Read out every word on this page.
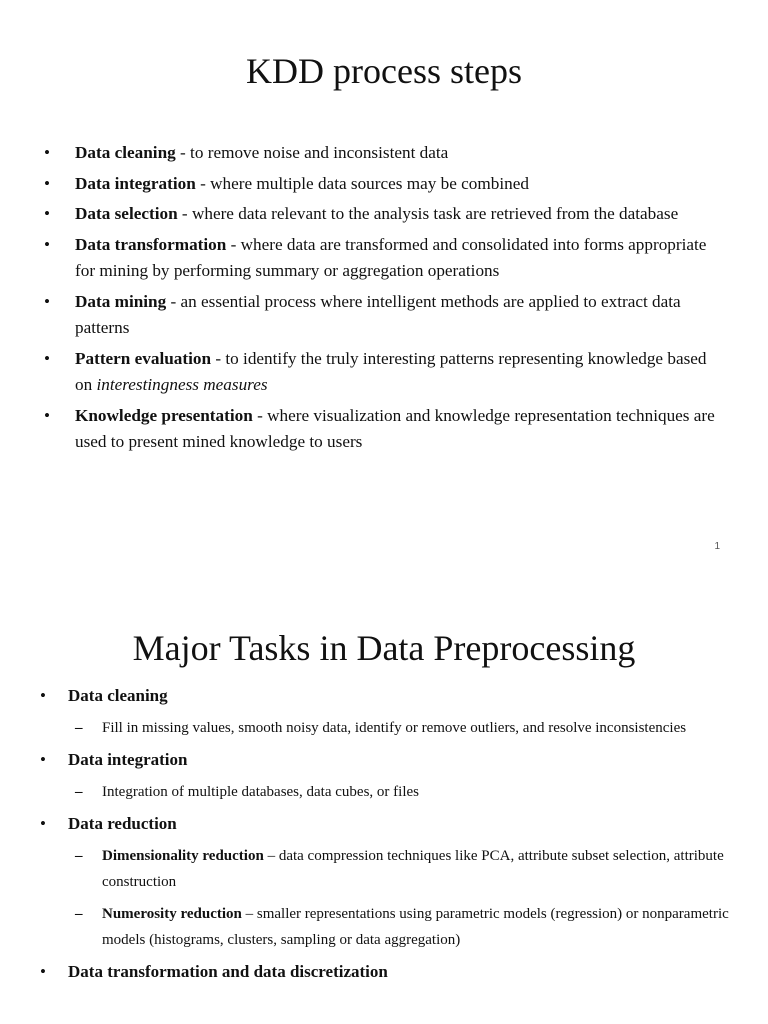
KDD process steps
• Data cleaning - to remove noise and inconsistent data
• Data integration - where multiple data sources may be combined
• Data selection - where data relevant to the analysis task are retrieved from the database
• Data transformation - where data are transformed and consolidated into forms appropriate for mining by performing summary or aggregation operations
• Data mining - an essential process where intelligent methods are applied to extract data patterns
• Pattern evaluation - to identify the truly interesting patterns representing knowledge based on interestingness measures
• Knowledge presentation - where visualization and knowledge representation techniques are used to present mined knowledge to users
1
Major Tasks in Data Preprocessing
• Data cleaning
– Fill in missing values, smooth noisy data, identify or remove outliers, and resolve inconsistencies
• Data integration
– Integration of multiple databases, data cubes, or files
• Data reduction
– Dimensionality reduction – data compression techniques like PCA, attribute subset selection, attribute construction
– Numerosity reduction – smaller representations using parametric models (regression) or nonparametric models (histograms, clusters, sampling or data aggregation)
• Data transformation and data discretization
